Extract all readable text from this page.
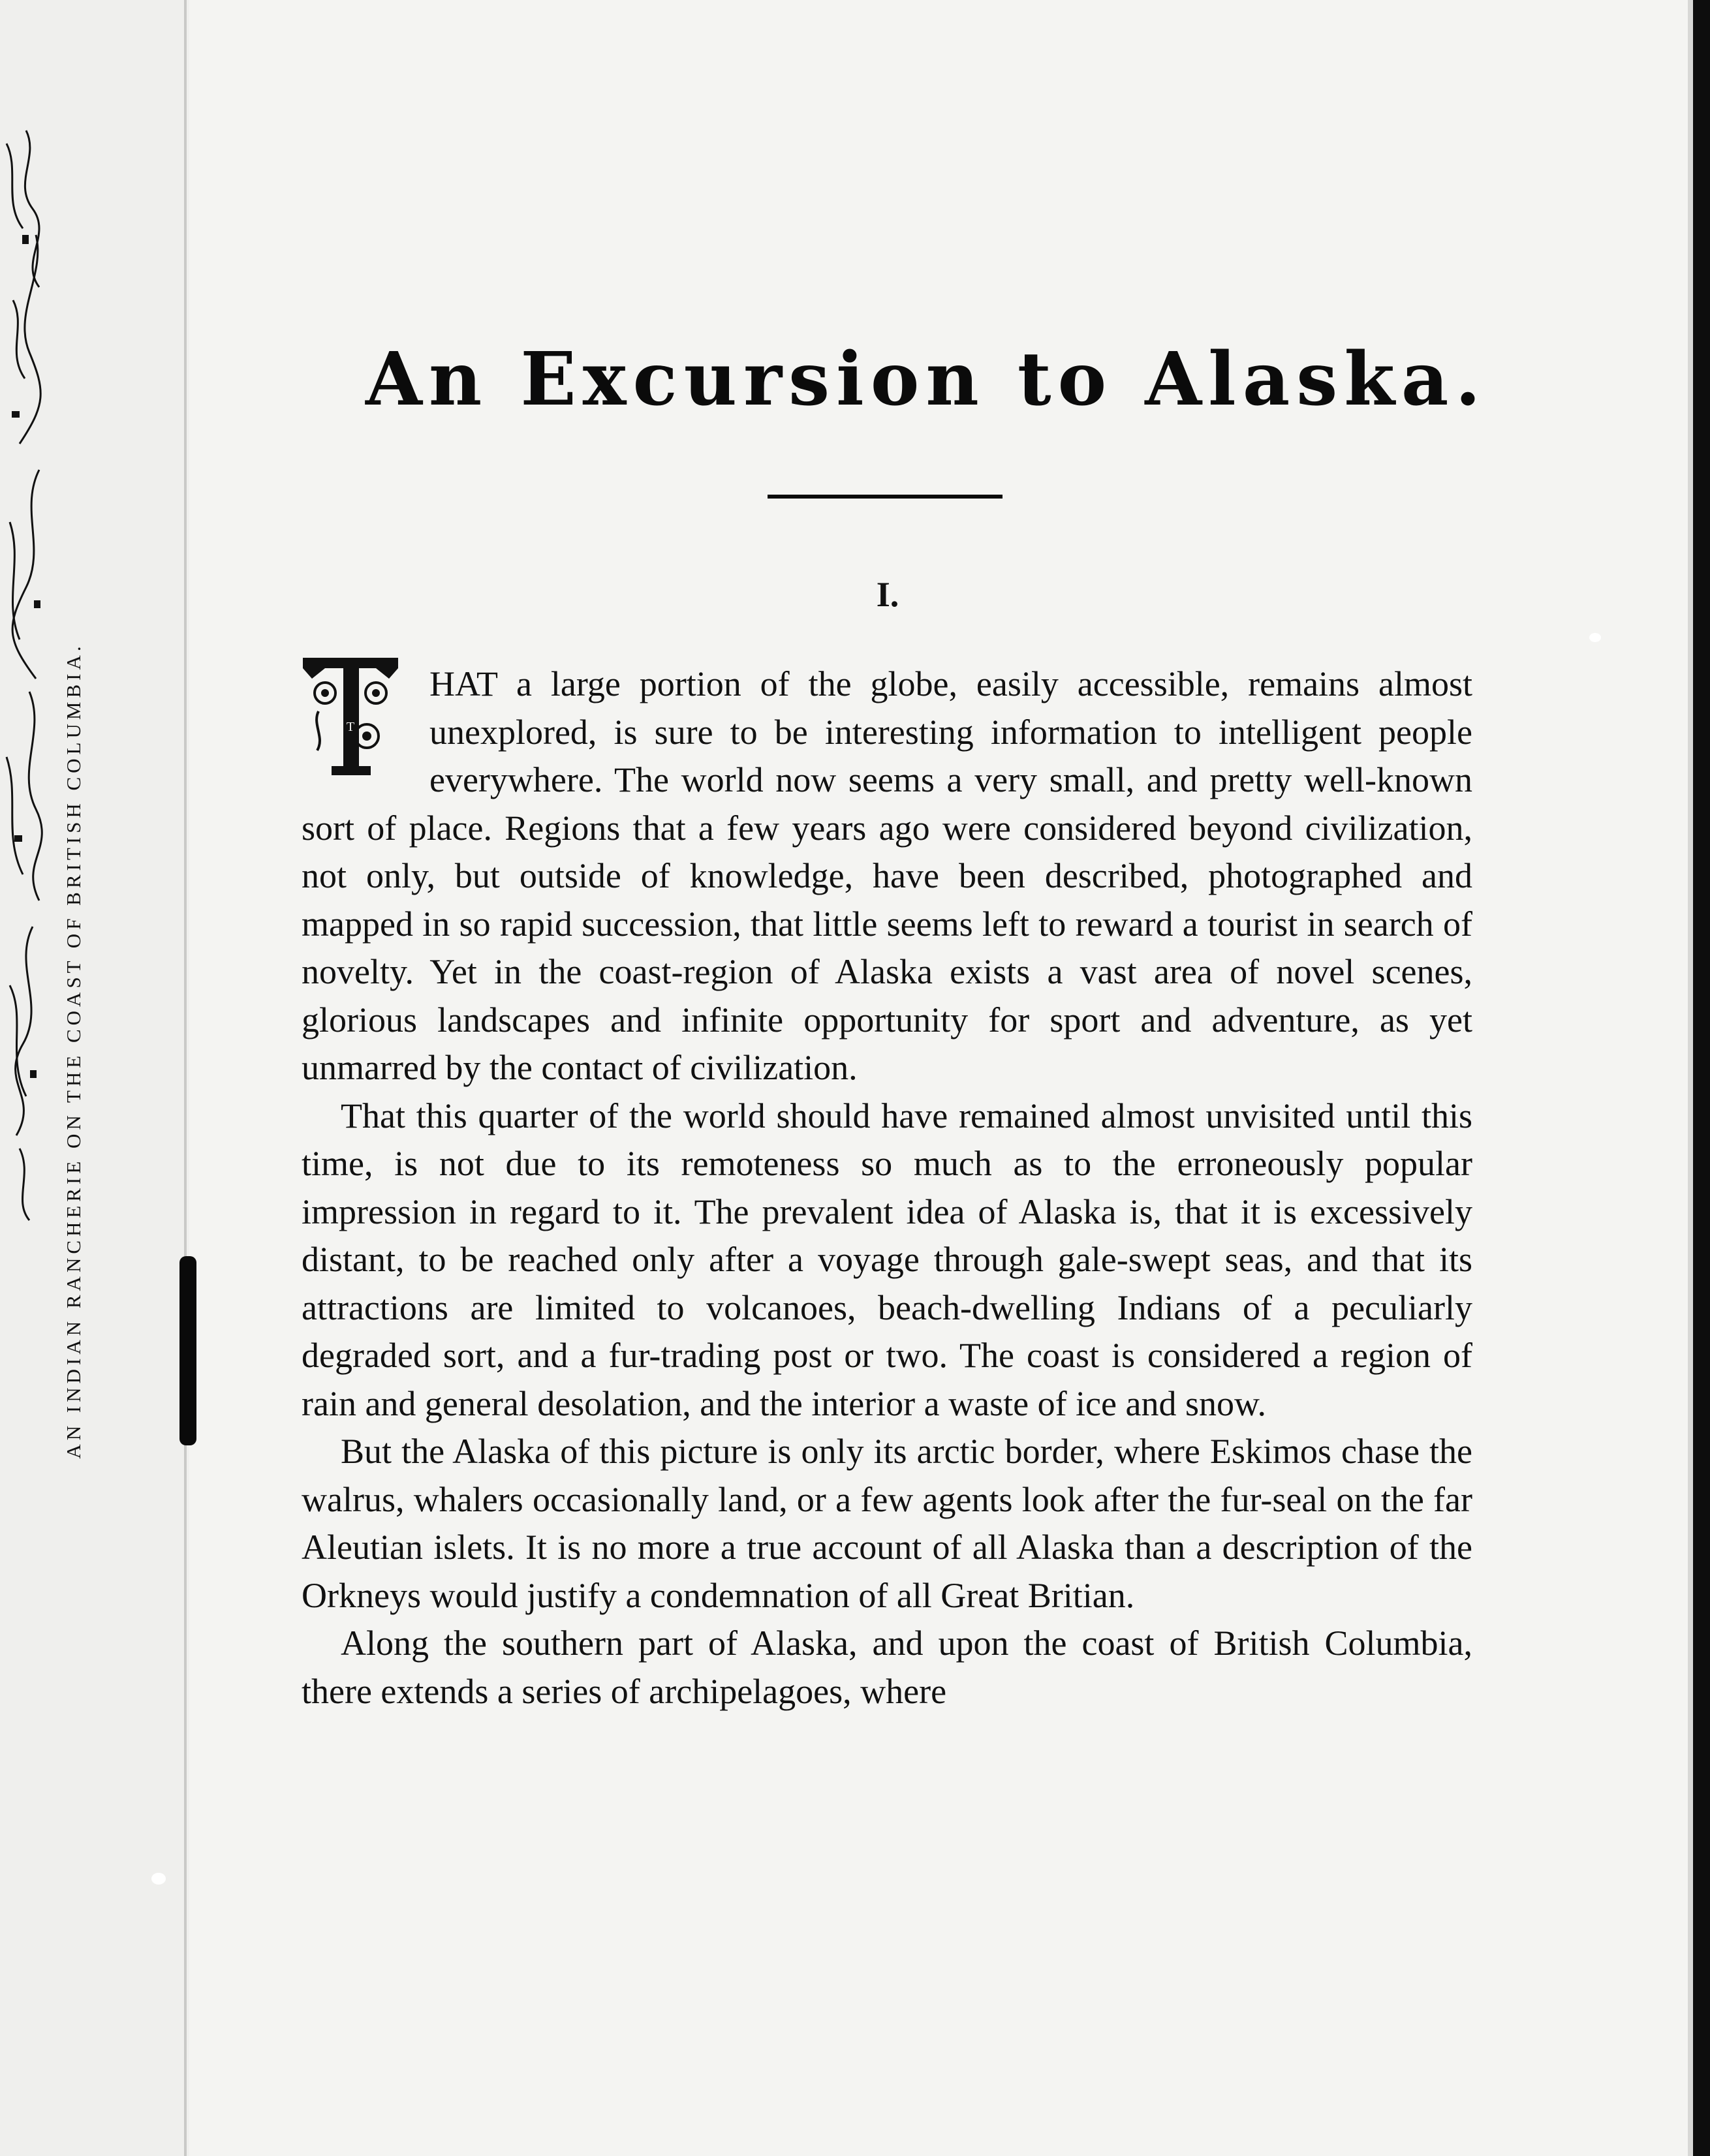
AN INDIAN RANCHERIE ON THE COAST OF BRITISH COLUMBIA.
An Excursion to Alaska.
I.
T

HAT a large portion of the globe, easily accessible, remains almost unexplored, is sure to be interesting information to intelligent people everywhere. The world now seems a very small, and pretty well-known sort of place. Regions that a few years ago were considered beyond civilization, not only, but outside of knowledge, have been described, photographed and mapped in so rapid succession, that little seems left to reward a tourist in search of novelty. Yet in the coast-region of Alaska exists a vast area of novel scenes, glorious landscapes and infinite opportunity for sport and adventure, as yet unmarred by the contact of civilization.

That this quarter of the world should have remained almost unvisited until this time, is not due to its remoteness so much as to the erroneously popular impression in regard to it. The prevalent idea of Alaska is, that it is excessively distant, to be reached only after a voyage through gale-swept seas, and that its attractions are limited to volcanoes, beach-dwelling Indians of a peculiarly degraded sort, and a fur-trading post or two. The coast is considered a region of rain and general desolation, and the interior a waste of ice and snow.

But the Alaska of this picture is only its arctic border, where Eskimos chase the walrus, whalers occasionally land, or a few agents look after the fur-seal on the far Aleutian islets. It is no more a true account of all Alaska than a description of the Orkneys would justify a condemnation of all Great Britian.

Along the southern part of Alaska, and upon the coast of British Columbia, there extends a series of archipelagoes, where
